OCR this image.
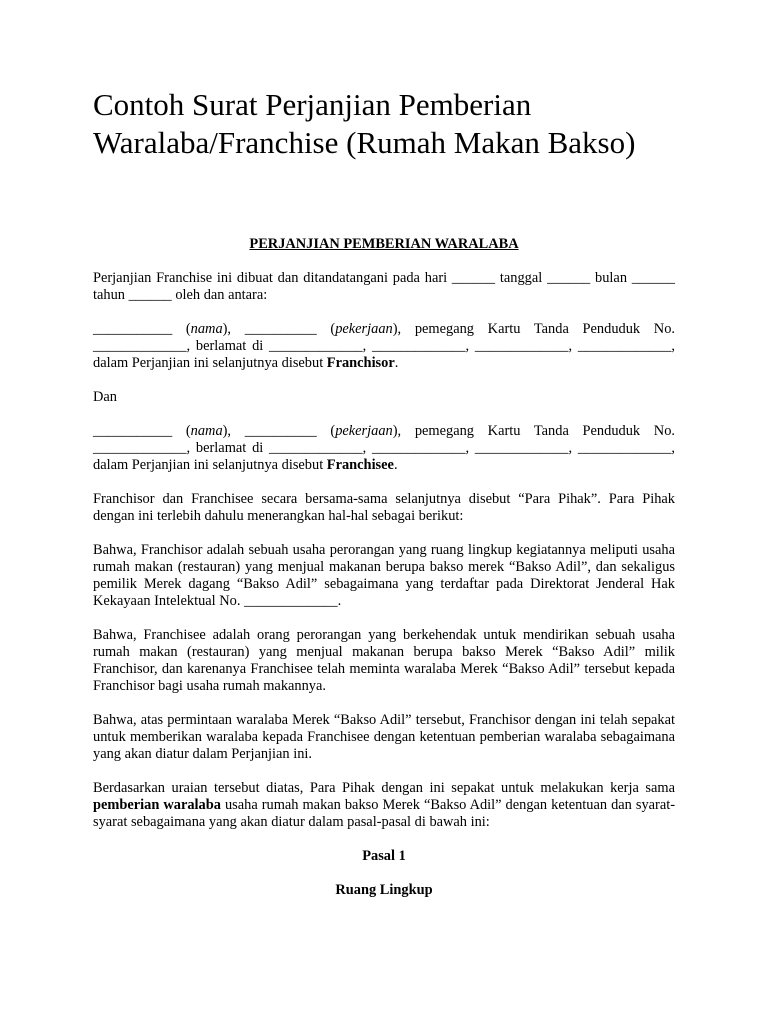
Contoh Surat Perjanjian Pemberian Waralaba/Franchise (Rumah Makan Bakso)

PERJANJIAN PEMBERIAN WARALABA

Perjanjian Franchise ini dibuat dan ditandatangani pada hari ______ tanggal ______ bulan ______ tahun ______ oleh dan antara:

___________ (nama), __________ (pekerjaan), pemegang Kartu Tanda Penduduk No. _____________, berlamat di _____________, _____________, _____________, _____________, dalam Perjanjian ini selanjutnya disebut Franchisor.

Dan

___________ (nama), __________ (pekerjaan), pemegang Kartu Tanda Penduduk No. _____________, berlamat di _____________, _____________, _____________, _____________, dalam Perjanjian ini selanjutnya disebut Franchisee.

Franchisor dan Franchisee secara bersama-sama selanjutnya disebut “Para Pihak”. Para Pihak dengan ini terlebih dahulu menerangkan hal-hal sebagai berikut:

Bahwa, Franchisor adalah sebuah usaha perorangan yang ruang lingkup kegiatannya meliputi usaha rumah makan (restauran) yang menjual makanan berupa bakso merek “Bakso Adil”, dan sekaligus pemilik Merek dagang “Bakso Adil” sebagaimana yang terdaftar pada Direktorat Jenderal Hak Kekayaan Intelektual No. _____________.

Bahwa, Franchisee adalah orang perorangan yang berkehendak untuk mendirikan sebuah usaha rumah makan (restauran) yang menjual makanan berupa bakso Merek “Bakso Adil” milik Franchisor, dan karenanya Franchisee telah meminta waralaba Merek “Bakso Adil” tersebut kepada Franchisor bagi usaha rumah makannya.

Bahwa, atas permintaan waralaba Merek “Bakso Adil” tersebut, Franchisor dengan ini telah sepakat untuk memberikan waralaba kepada Franchisee dengan ketentuan pemberian waralaba sebagaimana yang akan diatur dalam Perjanjian ini.

Berdasarkan uraian tersebut diatas, Para Pihak dengan ini sepakat untuk melakukan kerja sama pemberian waralaba usaha rumah makan bakso Merek “Bakso Adil” dengan ketentuan dan syarat-syarat sebagaimana yang akan diatur dalam pasal-pasal di bawah ini:

Pasal 1

Ruang Lingkup
